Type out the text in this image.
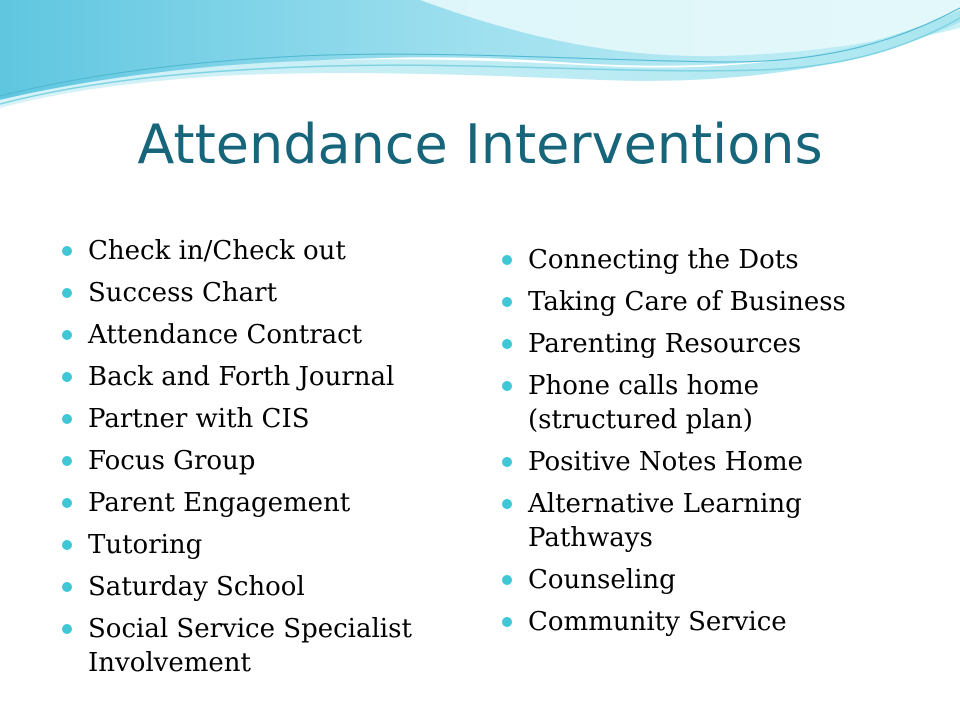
Attendance Interventions
Check in/Check out
Success Chart
Attendance Contract
Back and Forth Journal
Partner with CIS
Focus Group
Parent Engagement
Tutoring
Saturday School
Social Service Specialist Involvement
Connecting the Dots
Taking Care of Business
Parenting Resources
Phone calls home (structured plan)
Positive Notes Home
Alternative Learning Pathways
Counseling
Community Service
